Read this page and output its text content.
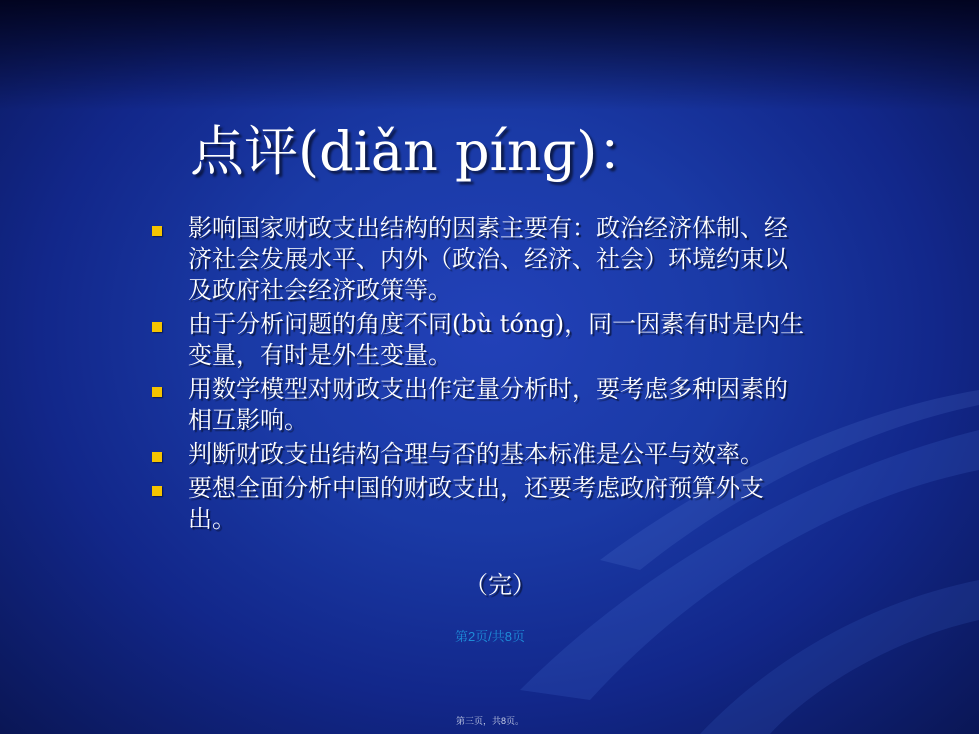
点评(diǎn pínɡ)：
影响国家财政支出结构的因素主要有：政治经济体制、经济社会发展水平、内外（政治、经济、社会）环境约束以及政府社会经济政策等。
由于分析问题的角度不同(bù tónɡ)，同一因素有时是内生变量，有时是外生变量。
用数学模型对财政支出作定量分析时，要考虑多种因素的相互影响。
判断财政支出结构合理与否的基本标准是公平与效率。
要想全面分析中国的财政支出，还要考虑政府预算外支出。
（完）
第2页/共8页
第三页，共8页。
